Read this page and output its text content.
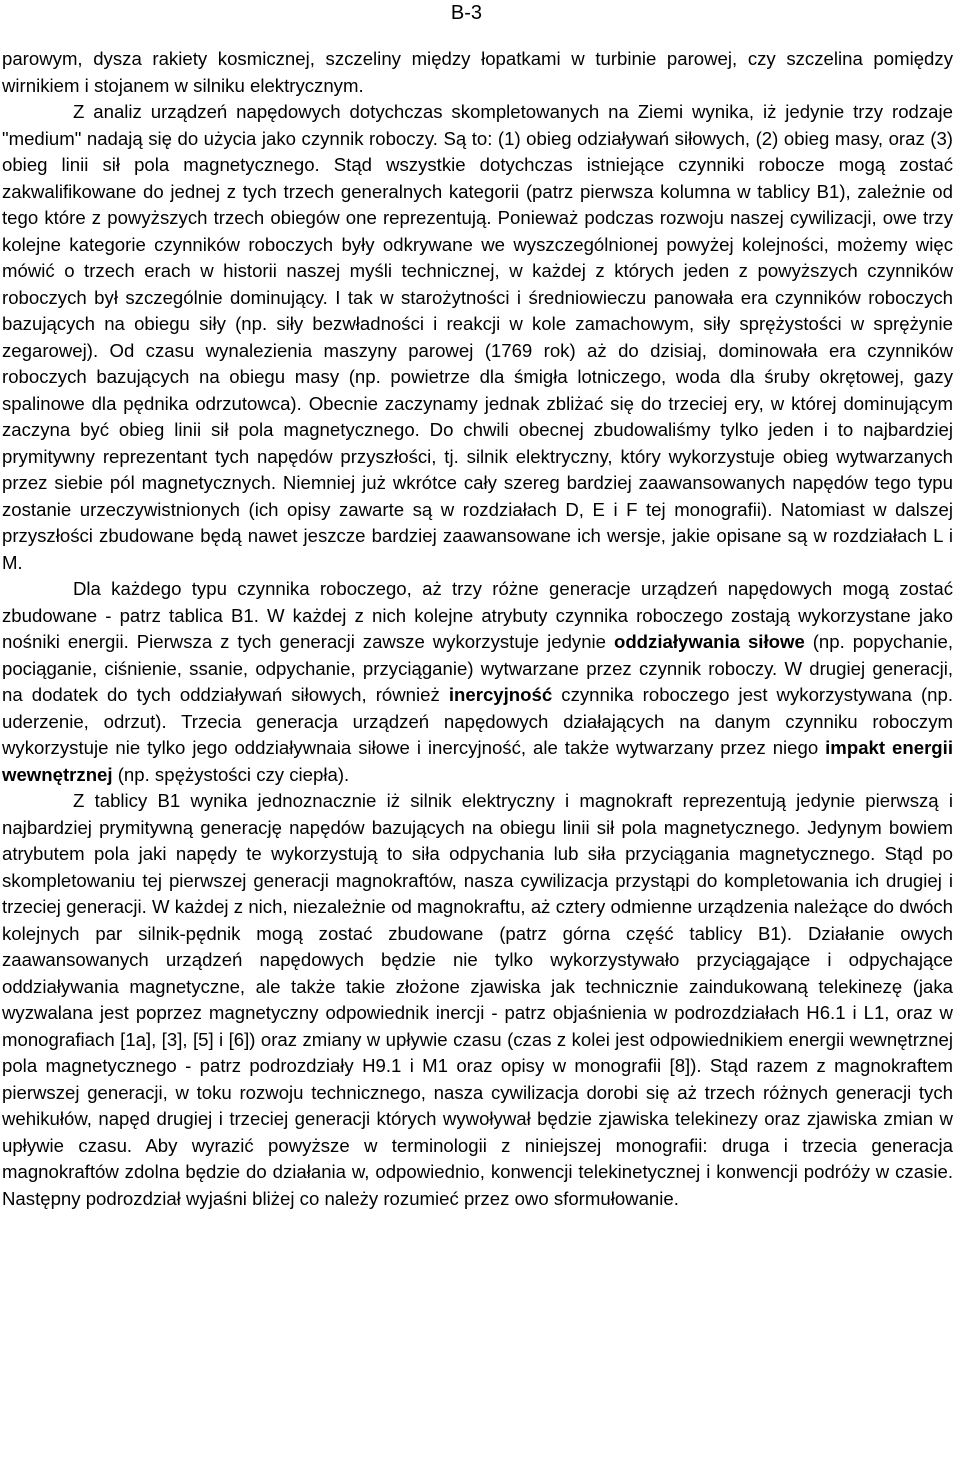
B-3

parowym, dysza rakiety kosmicznej, szczeliny między łopatkami w turbinie parowej, czy szczelina pomiędzy wirnikiem i stojanem w silniku elektrycznym.

Z analiz urządzeń napędowych dotychczas skompletowanych na Ziemi wynika, iż jedynie trzy rodzaje "medium" nadają się do użycia jako czynnik roboczy. Są to: (1) obieg odziaływań siłowych, (2) obieg masy, oraz (3) obieg linii sił pola magnetycznego. Stąd wszystkie dotychczas istniejące czynniki robocze mogą zostać zakwalifikowane do jednej z tych trzech generalnych kategorii (patrz pierwsza kolumna w tablicy B1), zależnie od tego które z powyższych trzech obiegów one reprezentują. Ponieważ podczas rozwoju naszej cywilizacji, owe trzy kolejne kategorie czynników roboczych były odkrywane we wyszczególnionej powyżej kolejności, możemy więc mówić o trzech erach w historii naszej myśli technicznej, w każdej z których jeden z powyższych czynników roboczych był szczególnie dominujący. I tak w starożytności i średniowieczu panowała era czynników roboczych bazujących na obiegu siły (np. siły bezwładności i reakcji w kole zamachowym, siły sprężystości w sprężynie zegarowej). Od czasu wynalezienia maszyny parowej (1769 rok) aż do dzisiaj, dominowała era czynników roboczych bazujących na obiegu masy (np. powietrze dla śmigła lotniczego, woda dla śruby okrętowej, gazy spalinowe dla pędnika odrzutowca). Obecnie zaczynamy jednak zbliżać się do trzeciej ery, w której dominującym zaczyna być obieg linii sił pola magnetycznego. Do chwili obecnej zbudowaliśmy tylko jeden i to najbardziej prymitywny reprezentant tych napędów przyszłości, tj. silnik elektryczny, który wykorzystuje obieg wytwarzanych przez siebie pól magnetycznych. Niemniej już wkrótce cały szereg bardziej zaawansowanych napędów tego typu zostanie urzeczywistnionych (ich opisy zawarte są w rozdziałach D, E i F tej monografii). Natomiast w dalszej przyszłości zbudowane będą nawet jeszcze bardziej zaawansowane ich wersje, jakie opisane są w rozdziałach L i M.

Dla każdego typu czynnika roboczego, aż trzy różne generacje urządzeń napędowych mogą zostać zbudowane - patrz tablica B1. W każdej z nich kolejne atrybuty czynnika roboczego zostają wykorzystane jako nośniki energii. Pierwsza z tych generacji zawsze wykorzystuje jedynie oddziaływania siłowe (np. popychanie, pociąganie, ciśnienie, ssanie, odpychanie, przyciąganie) wytwarzane przez czynnik roboczy. W drugiej generacji, na dodatek do tych oddziaływań siłowych, również inercyjność czynnika roboczego jest wykorzystywana (np. uderzenie, odrzut). Trzecia generacja urządzeń napędowych działających na danym czynniku roboczym wykorzystuje nie tylko jego oddziaływnaia siłowe i inercyjność, ale także wytwarzany przez niego impakt energii wewnętrznej (np. spężystości czy ciepła).

Z tablicy B1 wynika jednoznacznie iż silnik elektryczny i magnokraft reprezentują jedynie pierwszą i najbardziej prymitywną generację napędów bazujących na obiegu linii sił pola magnetycznego. Jedynym bowiem atrybutem pola jaki napędy te wykorzystują to siła odpychania lub siła przyciągania magnetycznego. Stąd po skompletowaniu tej pierwszej generacji magnokraftów, nasza cywilizacja przystąpi do kompletowania ich drugiej i trzeciej generacji. W każdej z nich, niezależnie od magnokraftu, aż cztery odmienne urządzenia należące do dwóch kolejnych par silnik-pędnik mogą zostać zbudowane (patrz górna część tablicy B1). Działanie owych zaawansowanych urządzeń napędowych będzie nie tylko wykorzystywało przyciągające i odpychające oddziaływania magnetyczne, ale także takie złożone zjawiska jak technicznie zaindukowaną telekinezę (jaka wyzwalana jest poprzez magnetyczny odpowiednik inercji - patrz objaśnienia w podrozdziałach H6.1 i L1, oraz w monografiach [1a], [3], [5] i [6]) oraz zmiany w upływie czasu (czas z kolei jest odpowiednikiem energii wewnętrznej pola magnetycznego - patrz podrozdziały H9.1 i M1 oraz opisy w monografii [8]). Stąd razem z magnokraftem pierwszej generacji, w toku rozwoju technicznego, nasza cywilizacja dorobi się aż trzech różnych generacji tych wehikułów, napęd drugiej i trzeciej generacji których wywoływał będzie zjawiska telekinezy oraz zjawiska zmian w upływie czasu. Aby wyrazić powyższe w terminologii z niniejszej monografii: druga i trzecia generacja magnokraftów zdolna będzie do działania w, odpowiednio, konwencji telekinetycznej i konwencji podróży w czasie. Następny podrozdział wyjaśni bliżej co należy rozumieć przez owo sformułowanie.
